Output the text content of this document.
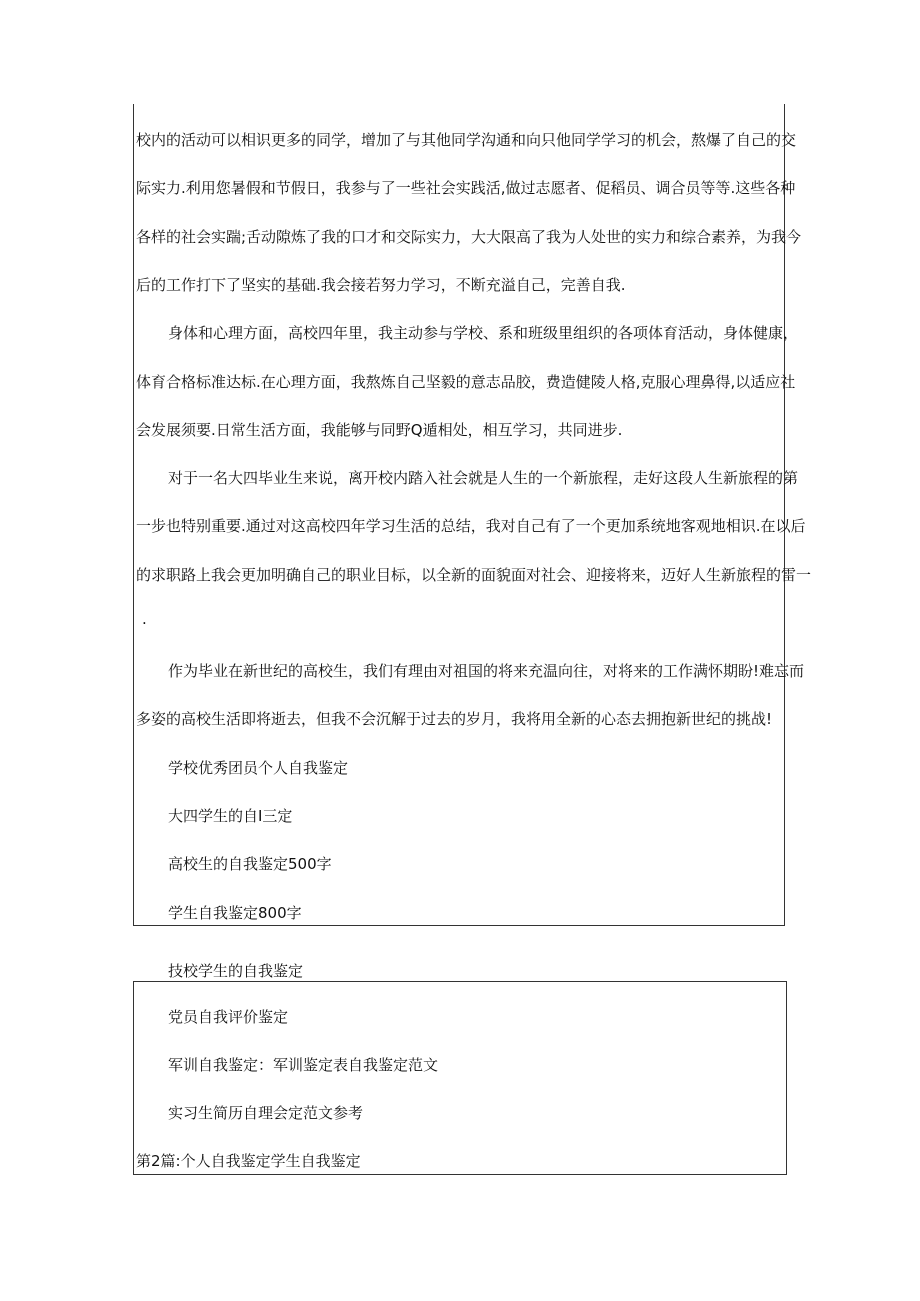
校内的活动可以相识更多的同学，增加了与其他同学沟通和向只他同学学习的机会，熬爆了自己的交
际实力.利用您暑假和节假日，我参与了一些社会实践活,做过志愿者、促稻员、调合员等等.这些各种
各样的社会实踹;舌动隙炼了我的口才和交际实力，大大限高了我为人处世的实力和综合素养，为我今
后的工作打下了坚实的基础.我会接若努力学习，不断充溢自己，完善自我.
身体和心理方面，高校四年里，我主动参与学校、系和班级里组织的各项体育活动，身体健康，
体育合格标准达标.在心理方面，我熬炼自己坚毅的意志品胶，费造健陵人格,克服心理鼻得,以适应社
会发展须要.日常生活方面，我能够与同野Q遁相处，相互学习，共同进步.
对于一名大四毕业生来说，离开校内踏入社会就是人生的一个新旅程，走好这段人生新旅程的第
一步也特别重要.通过对这高校四年学习生活的总结，我对自己有了一个更加系统地客观地相识.在以后
的求职路上我会更加明确自己的职业目标，以全新的面貌面对社会、迎接将来，迈好人生新旅程的雷一
.
作为毕业在新世纪的高校生，我们有理由对祖国的将来充温向往，对将来的工作满怀期盼!难忘而
多姿的高校生活即将逝去，但我不会沉解于过去的岁月，我将用全新的心态去拥抱新世纪的挑战!
学校优秀团员个人自我鉴定
大四学生的自I三定
高校生的自我鉴定500字
学生自我鉴定800字
技校学生的自我鉴定
党员自我评价鉴定
军训自我鉴定：军训鉴定表自我鉴定范文
实习生简历自理会定范文参考
第2篇:个人自我鉴定学生自我鉴定
